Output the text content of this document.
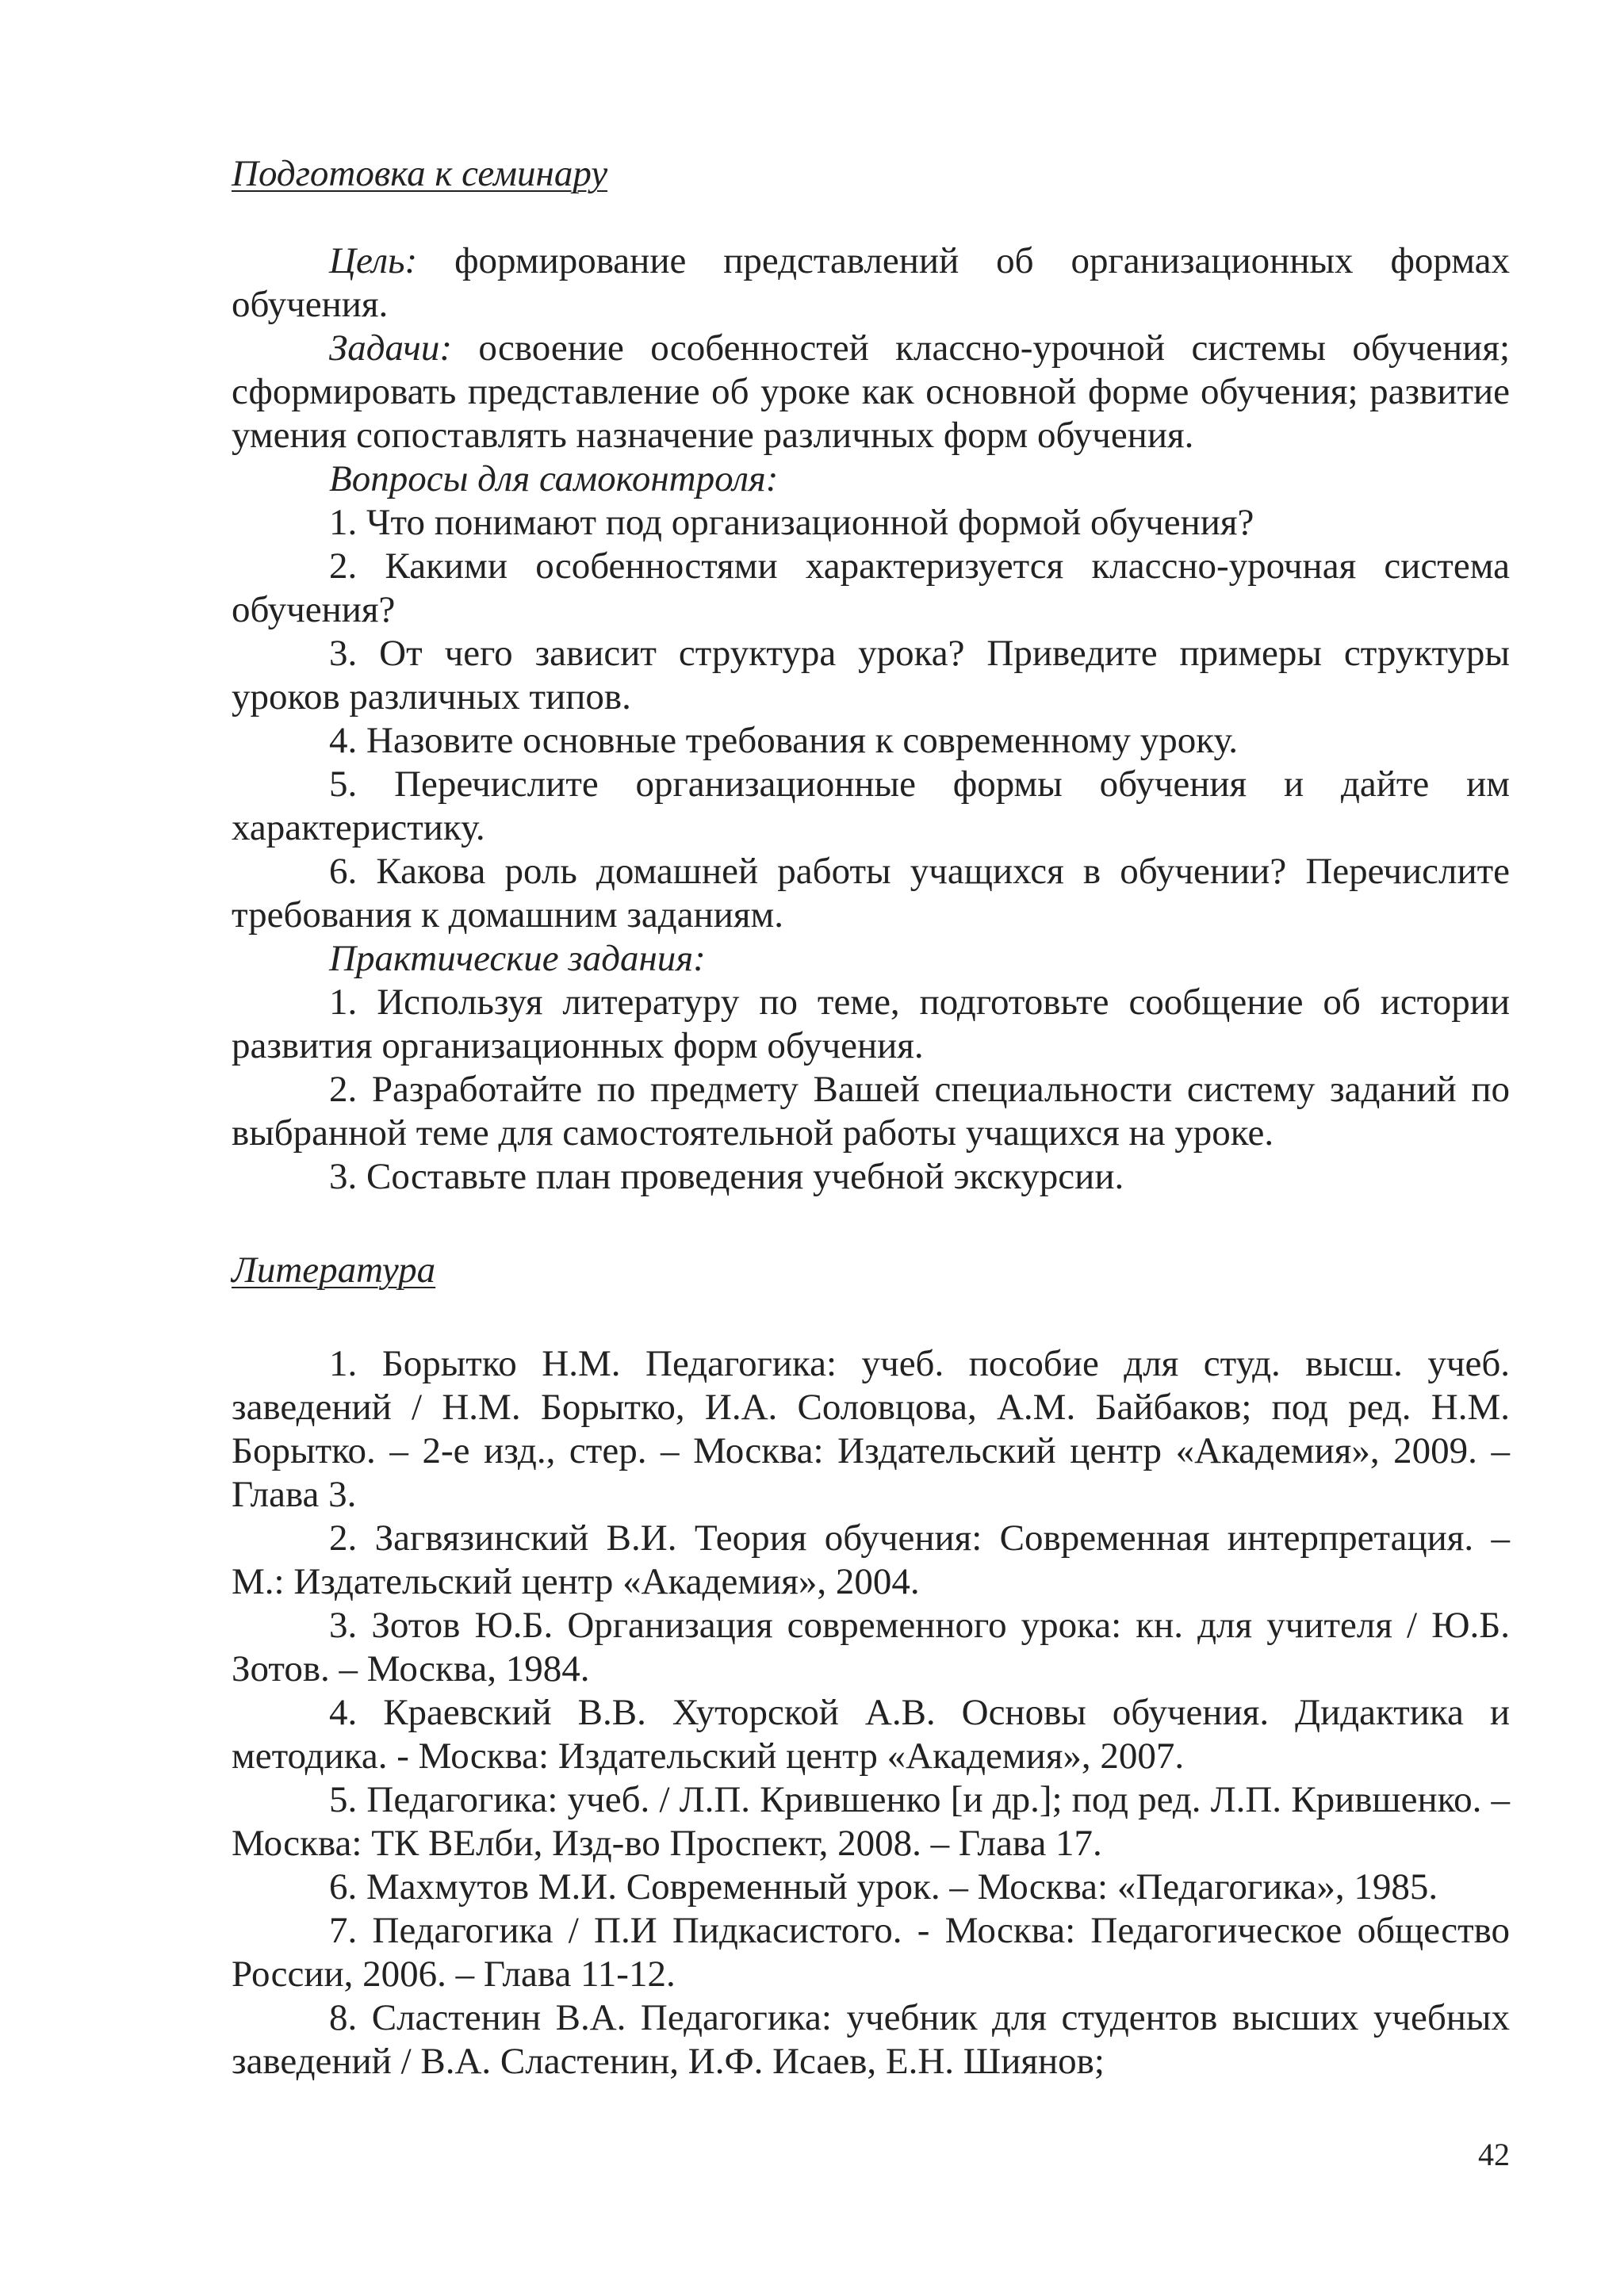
Подготовка к семинару

Цель: формирование представлений об организационных формах обучения.

Задачи: освоение особенностей классно-урочной системы обучения; сформировать представление об уроке как основной форме обучения; развитие умения сопоставлять назначение различных форм обучения.

Вопросы для самоконтроля:

1. Что понимают под организационной формой обучения?

2. Какими особенностями характеризуется классно-урочная система обучения?

3. От чего зависит структура урока? Приведите примеры структуры уроков различных типов.

4. Назовите основные требования к современному уроку.

5. Перечислите организационные формы обучения и дайте им характеристику.

6. Какова роль домашней работы учащихся в обучении? Перечислите требования к домашним заданиям.

Практические задания:

1. Используя литературу по теме, подготовьте сообщение об истории развития организационных форм обучения.

2. Разработайте по предмету Вашей специальности систему заданий по выбранной теме для самостоятельной работы учащихся на уроке.

3. Составьте план проведения учебной экскурсии.

Литература

1. Борытко Н.М. Педагогика: учеб. пособие для студ. высш. учеб. заведений / Н.М. Борытко, И.А. Соловцова, А.М. Байбаков; под ред. Н.М. Борытко. – 2-е изд., стер. – Москва: Издательский центр «Академия», 2009. – Глава 3.

2. Загвязинский В.И. Теория обучения: Современная интерпретация. – М.: Издательский центр «Академия», 2004.

3. Зотов Ю.Б. Организация современного урока: кн. для учителя / Ю.Б. Зотов. – Москва, 1984.

4. Краевский В.В. Хуторской А.В. Основы обучения. Дидактика и методика. - Москва: Издательский центр «Академия», 2007.

5. Педагогика: учеб. / Л.П. Крившенко [и др.]; под ред. Л.П. Крившенко. – Москва: ТК ВЕлби, Изд-во Проспект, 2008. – Глава 17.

6. Махмутов М.И. Современный урок. – Москва: «Педагогика», 1985.

7. Педагогика / П.И Пидкасистого. - Москва: Педагогическое общество России, 2006. – Глава 11-12.

8. Сластенин В.А. Педагогика: учебник для студентов высших учебных заведений / В.А. Сластенин, И.Ф. Исаев, Е.Н. Шиянов;

42
